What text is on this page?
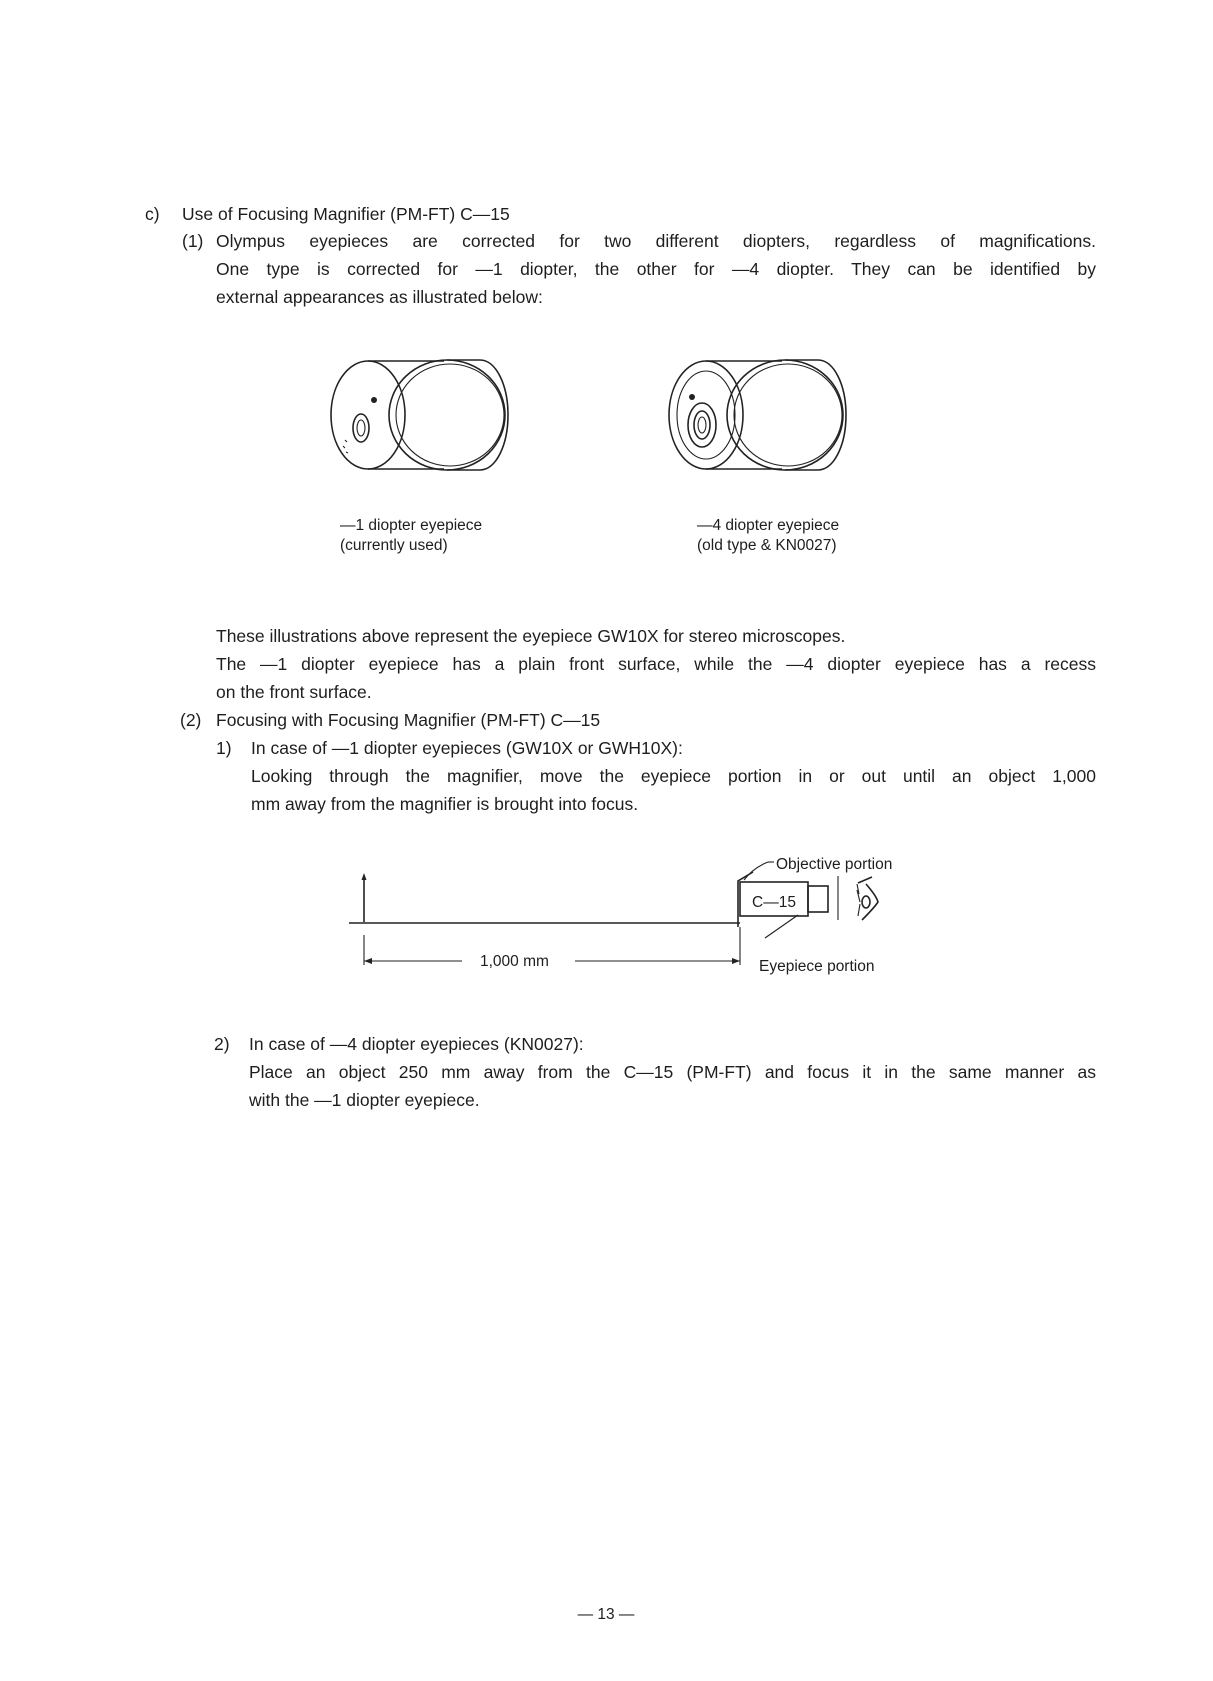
c) Use of Focusing Magnifier (PM-FT) C—15
(1) Olympus eyepieces are corrected for two different diopters, regardless of magnifications.
One type is corrected for —1 diopter, the other for —4 diopter. They can be identified by
external appearances as illustrated below:
—1 diopter eyepiece
(currently used)
—4 diopter eyepiece
(old type & KN0027)
These illustrations above represent the eyepiece GW10X for stereo microscopes.
The —1 diopter eyepiece has a plain front surface, while the —4 diopter eyepiece has a recess
on the front surface.
(2) Focusing with Focusing Magnifier (PM-FT) C—15
1) In case of —1 diopter eyepieces (GW10X or GWH10X):
Looking through the magnifier, move the eyepiece portion in or out until an object 1,000
mm away from the magnifier is brought into focus.
Objective portion
C—15
1,000 mm	Eyepiece portion
2) In case of —4 diopter eyepieces (KN0027):
Place an object 250 mm away from the C—15 (PM-FT) and focus it in the same manner as
with the —1 diopter eyepiece.
— 13 —
